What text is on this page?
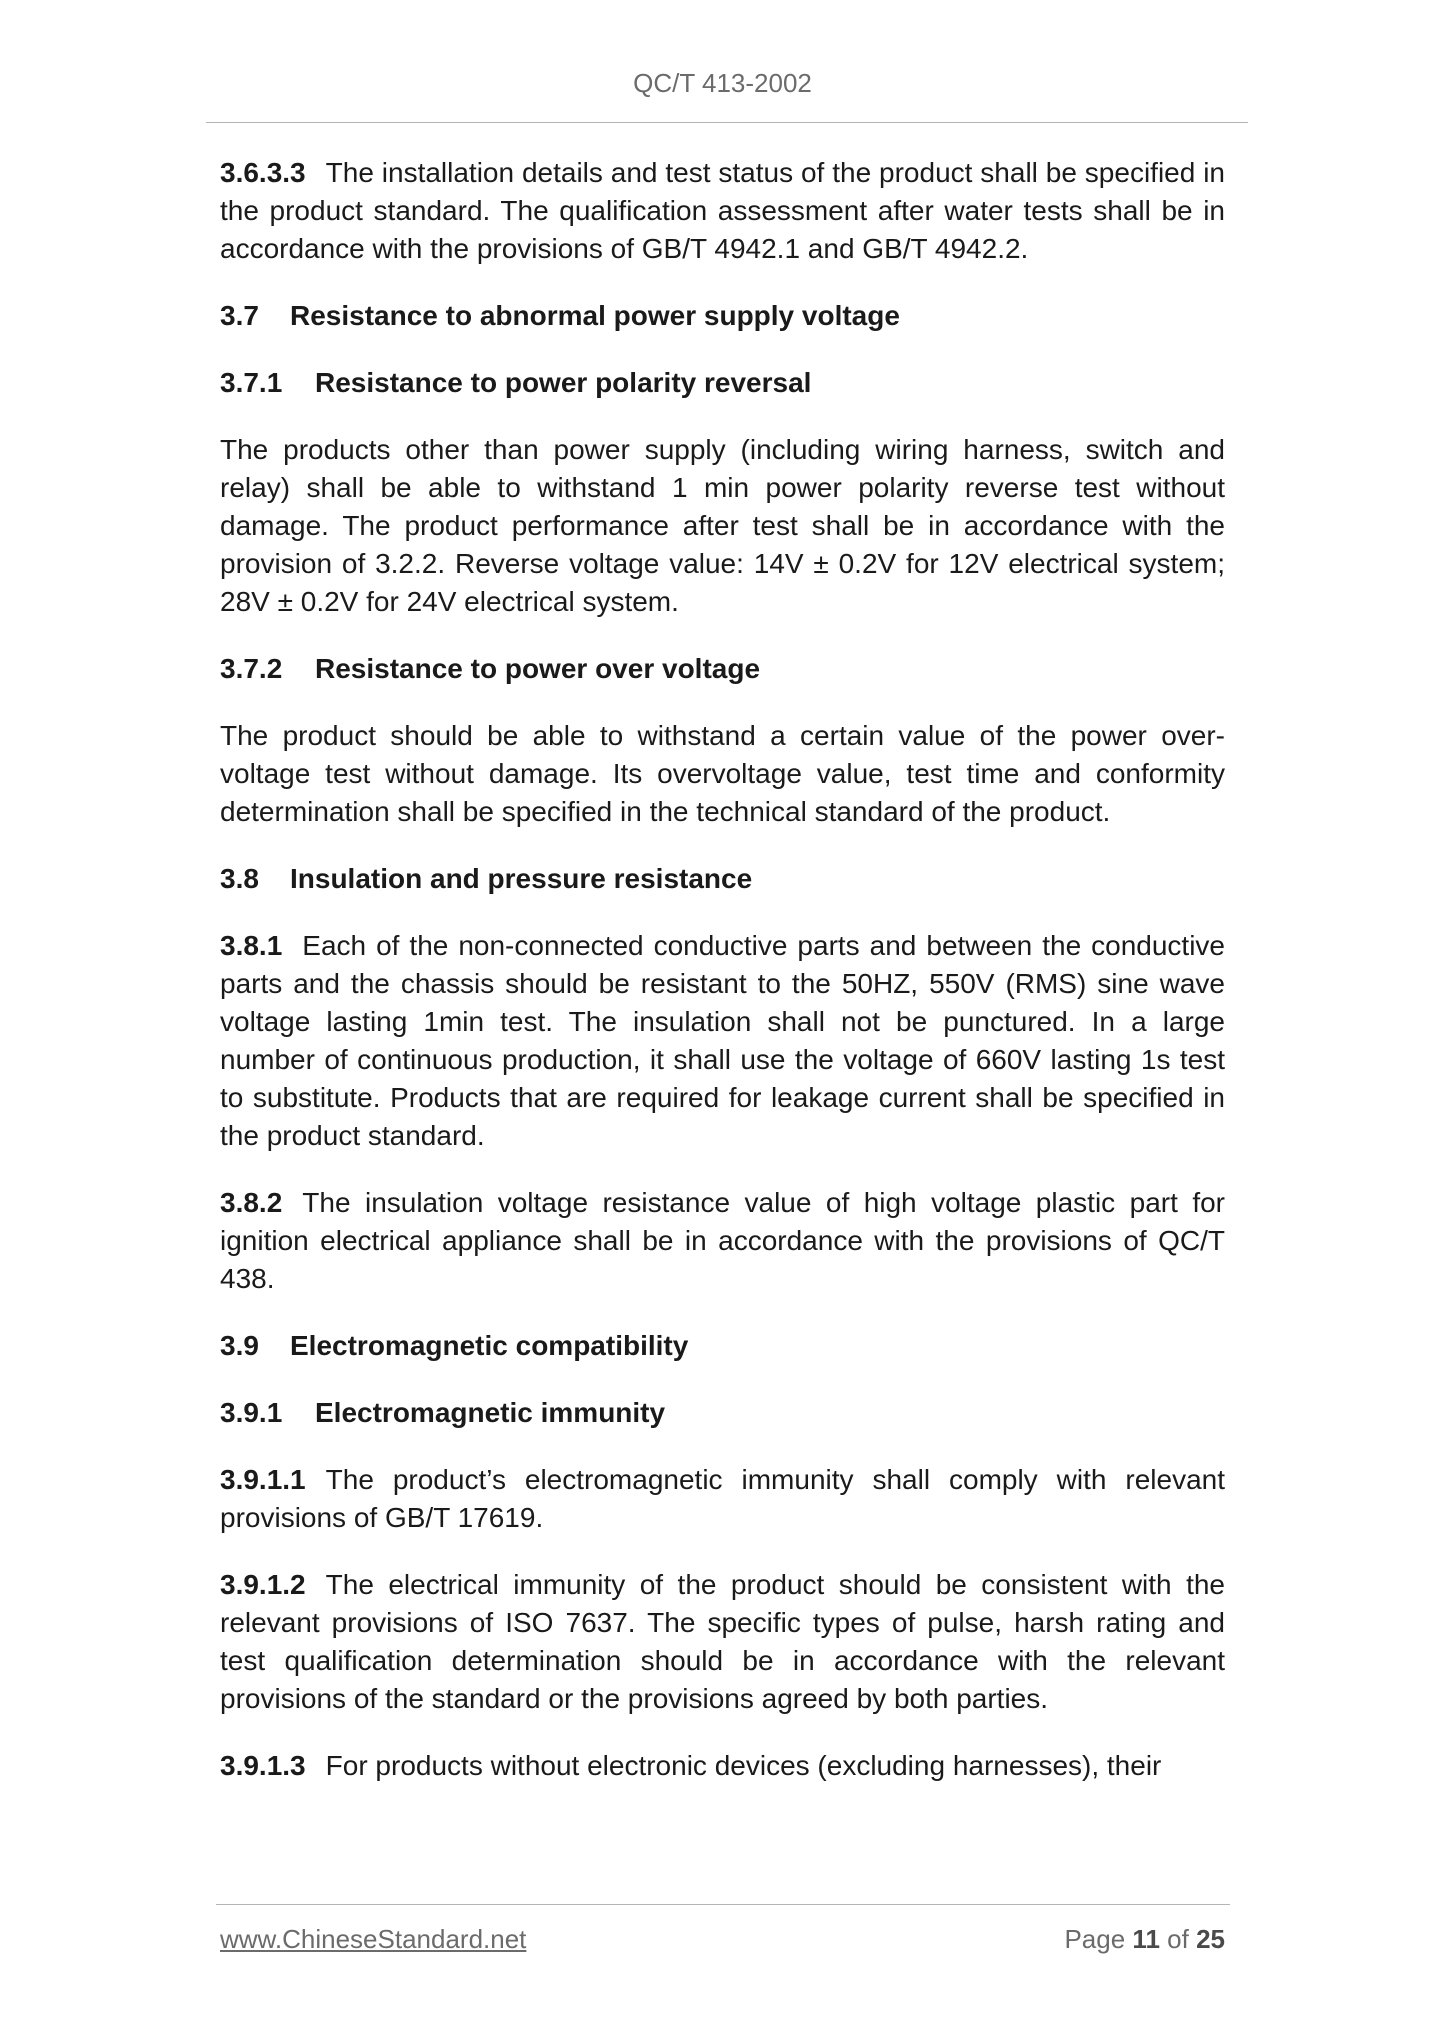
QC/T 413-2002

3.6.3.3 The installation details and test status of the product shall be specified in the product standard. The qualification assessment after water tests shall be in accordance with the provisions of GB/T 4942.1 and GB/T 4942.2.

3.7 Resistance to abnormal power supply voltage
3.7.1 Resistance to power polarity reversal

The products other than power supply (including wiring harness, switch and relay) shall be able to withstand 1 min power polarity reverse test without damage. The product performance after test shall be in accordance with the provision of 3.2.2. Reverse voltage value: 14V ± 0.2V for 12V electrical system; 28V ± 0.2V for 24V electrical system.

3.7.2 Resistance to power over voltage

The product should be able to withstand a certain value of the power over-voltage test without damage. Its overvoltage value, test time and conformity determination shall be specified in the technical standard of the product.

3.8 Insulation and pressure resistance

3.8.1 Each of the non-connected conductive parts and between the conductive parts and the chassis should be resistant to the 50HZ, 550V (RMS) sine wave voltage lasting 1min test. The insulation shall not be punctured. In a large number of continuous production, it shall use the voltage of 660V lasting 1s test to substitute. Products that are required for leakage current shall be specified in the product standard.

3.8.2 The insulation voltage resistance value of high voltage plastic part for ignition electrical appliance shall be in accordance with the provisions of QC/T 438.

3.9 Electromagnetic compatibility
3.9.1 Electromagnetic immunity

3.9.1.1 The product’s electromagnetic immunity shall comply with relevant provisions of GB/T 17619.

3.9.1.2 The electrical immunity of the product should be consistent with the relevant provisions of ISO 7637. The specific types of pulse, harsh rating and test qualification determination should be in accordance with the relevant provisions of the standard or the provisions agreed by both parties.

3.9.1.3 For products without electronic devices (excluding harnesses), their

www.ChineseStandard.net	Page 11 of 25
